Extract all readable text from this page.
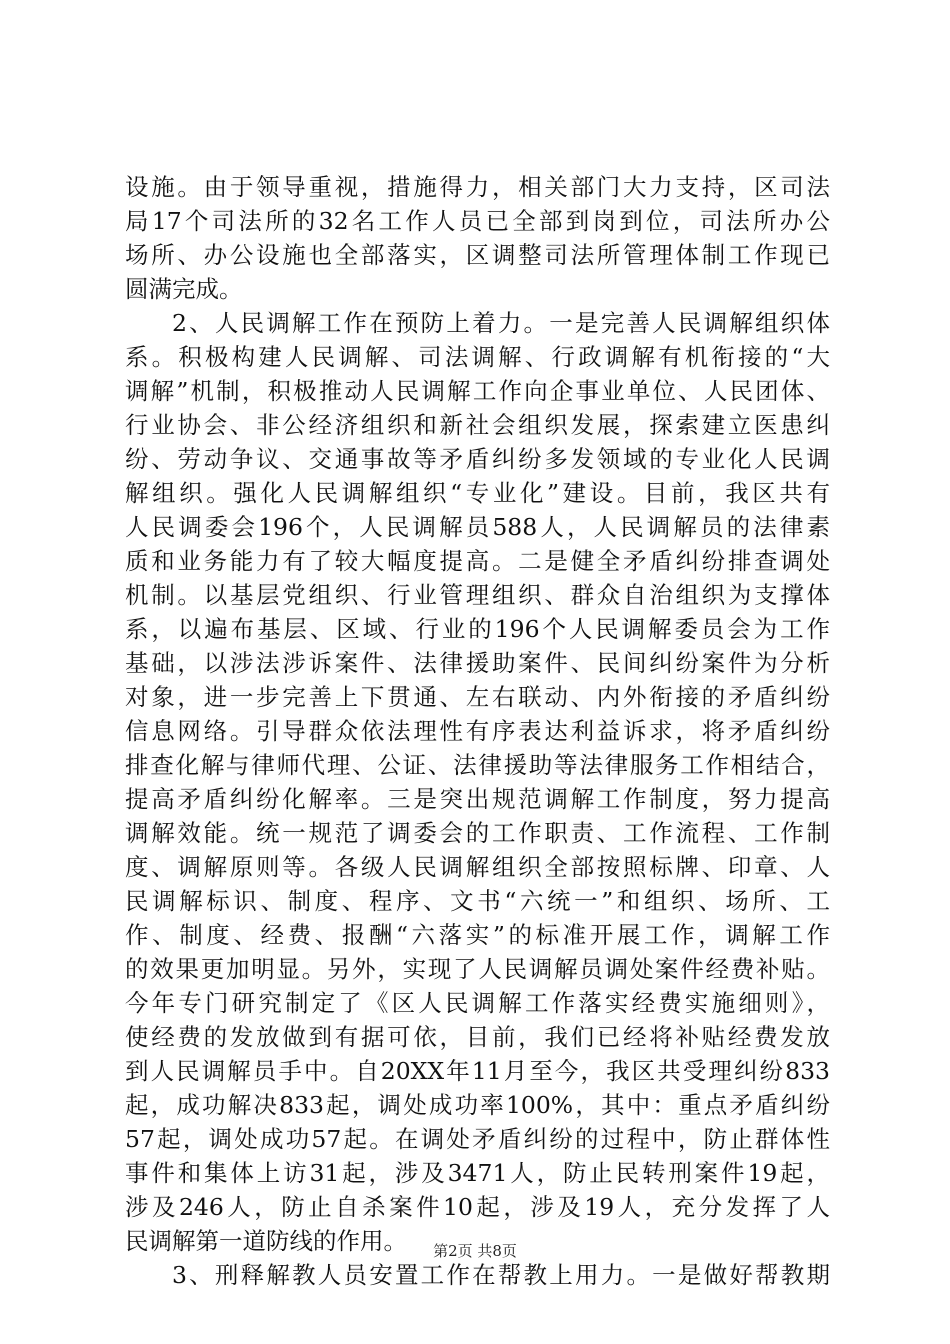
设施。由于领导重视，措施得力，相关部门大力支持，区司法
局17个司法所的32名工作人员已全部到岗到位，司法所办公
场所、办公设施也全部落实，区调整司法所管理体制工作现已
圆满完成。
2、人民调解工作在预防上着力。一是完善人民调解组织体
系。积极构建人民调解、司法调解、行政调解有机衔接的“大
调解”机制，积极推动人民调解工作向企事业单位、人民团体、
行业协会、非公经济组织和新社会组织发展，探索建立医患纠
纷、劳动争议、交通事故等矛盾纠纷多发领域的专业化人民调
解组织。强化人民调解组织“专业化”建设。目前，我区共有
人民调委会196个，人民调解员588人，人民调解员的法律素
质和业务能力有了较大幅度提高。二是健全矛盾纠纷排查调处
机制。以基层党组织、行业管理组织、群众自治组织为支撑体
系，以遍布基层、区域、行业的196个人民调解委员会为工作
基础，以涉法涉诉案件、法律援助案件、民间纠纷案件为分析
对象，进一步完善上下贯通、左右联动、内外衔接的矛盾纠纷
信息网络。引导群众依法理性有序表达利益诉求，将矛盾纠纷
排查化解与律师代理、公证、法律援助等法律服务工作相结合，
提高矛盾纠纷化解率。三是突出规范调解工作制度，努力提高
调解效能。统一规范了调委会的工作职责、工作流程、工作制
度、调解原则等。各级人民调解组织全部按照标牌、印章、人
民调解标识、制度、程序、文书“六统一”和组织、场所、工
作、制度、经费、报酬“六落实”的标准开展工作，调解工作
的效果更加明显。另外，实现了人民调解员调处案件经费补贴。
今年专门研究制定了《区人民调解工作落实经费实施细则》，
使经费的发放做到有据可依，目前，我们已经将补贴经费发放
到人民调解员手中。自20XX年11月至今，我区共受理纠纷833
起，成功解决833起，调处成功率100%，其中：重点矛盾纠纷
57起，调处成功57起。在调处矛盾纠纷的过程中，防止群体性
事件和集体上访31起，涉及3471人，防止民转刑案件19起，
涉及246人，防止自杀案件10起，涉及19人，充分发挥了人
民调解第一道防线的作用。
3、刑释解教人员安置工作在帮教上用力。一是做好帮教期
第2页 共8页
